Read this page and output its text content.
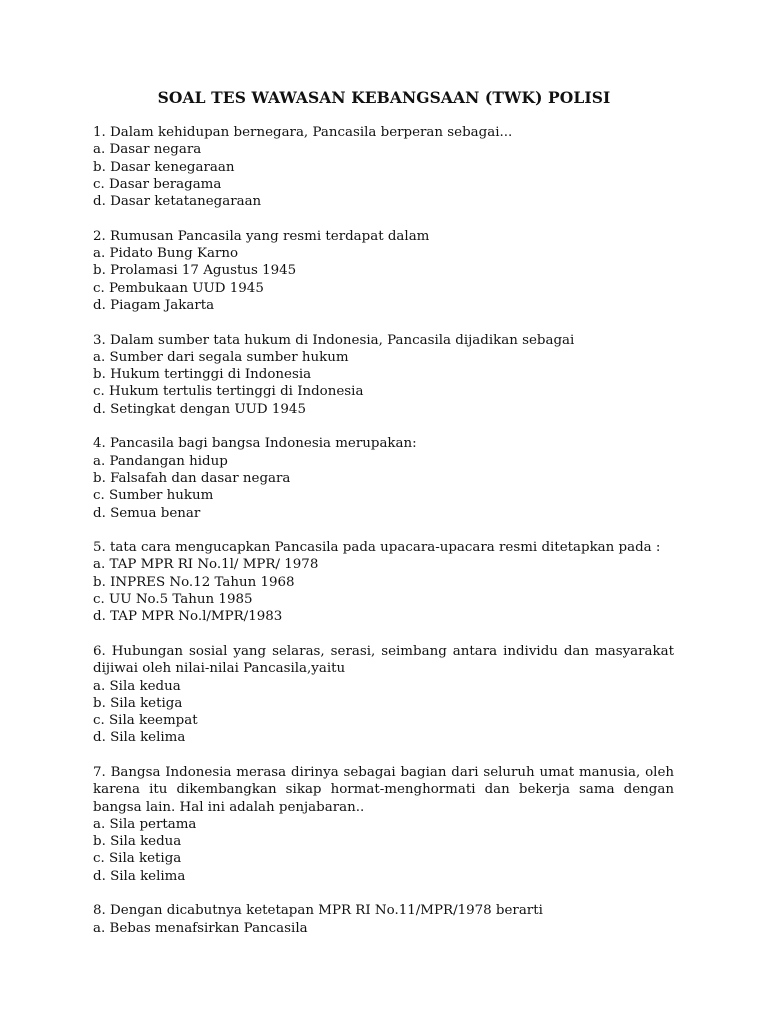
SOAL TES WAWASAN KEBANGSAAN (TWK) POLISI
1. Dalam kehidupan bernegara, Pancasila berperan sebagai...
a. Dasar negara
b. Dasar kenegaraan
c. Dasar beragama
d. Dasar ketatanegaraan
2. Rumusan Pancasila yang resmi terdapat dalam
a. Pidato Bung Karno
b. Prolamasi 17 Agustus 1945
c. Pembukaan UUD 1945
d. Piagam Jakarta
3. Dalam sumber tata hukum di Indonesia, Pancasila dijadikan sebagai
a. Sumber dari segala sumber hukum
b. Hukum tertinggi di Indonesia
c. Hukum tertulis tertinggi di Indonesia
d. Setingkat dengan UUD 1945
4. Pancasila bagi bangsa Indonesia merupakan:
a. Pandangan hidup
b. Falsafah dan dasar negara
c. Sumber hukum
d. Semua benar
5. tata cara mengucapkan Pancasila pada upacara-upacara resmi ditetapkan pada :
a. TAP MPR RI No.1l/ MPR/ 1978
b. INPRES No.12 Tahun 1968
c. UU No.5 Tahun 1985
d. TAP MPR No.l/MPR/1983
6. Hubungan sosial yang selaras, serasi, seimbang antara individu dan masyarakat dijiwai oleh nilai-nilai Pancasila,yaitu
a. Sila kedua
b. Sila ketiga
c. Sila keempat
d. Sila kelima
7. Bangsa Indonesia merasa dirinya sebagai bagian dari seluruh umat manusia, oleh karena itu dikembangkan sikap hormat-menghormati dan bekerja sama dengan bangsa lain. Hal ini adalah penjabaran..
a. Sila pertama
b. Sila kedua
c. Sila ketiga
d. Sila kelima
8. Dengan dicabutnya ketetapan MPR RI No.11/MPR/1978 berarti
a. Bebas menafsirkan Pancasila
